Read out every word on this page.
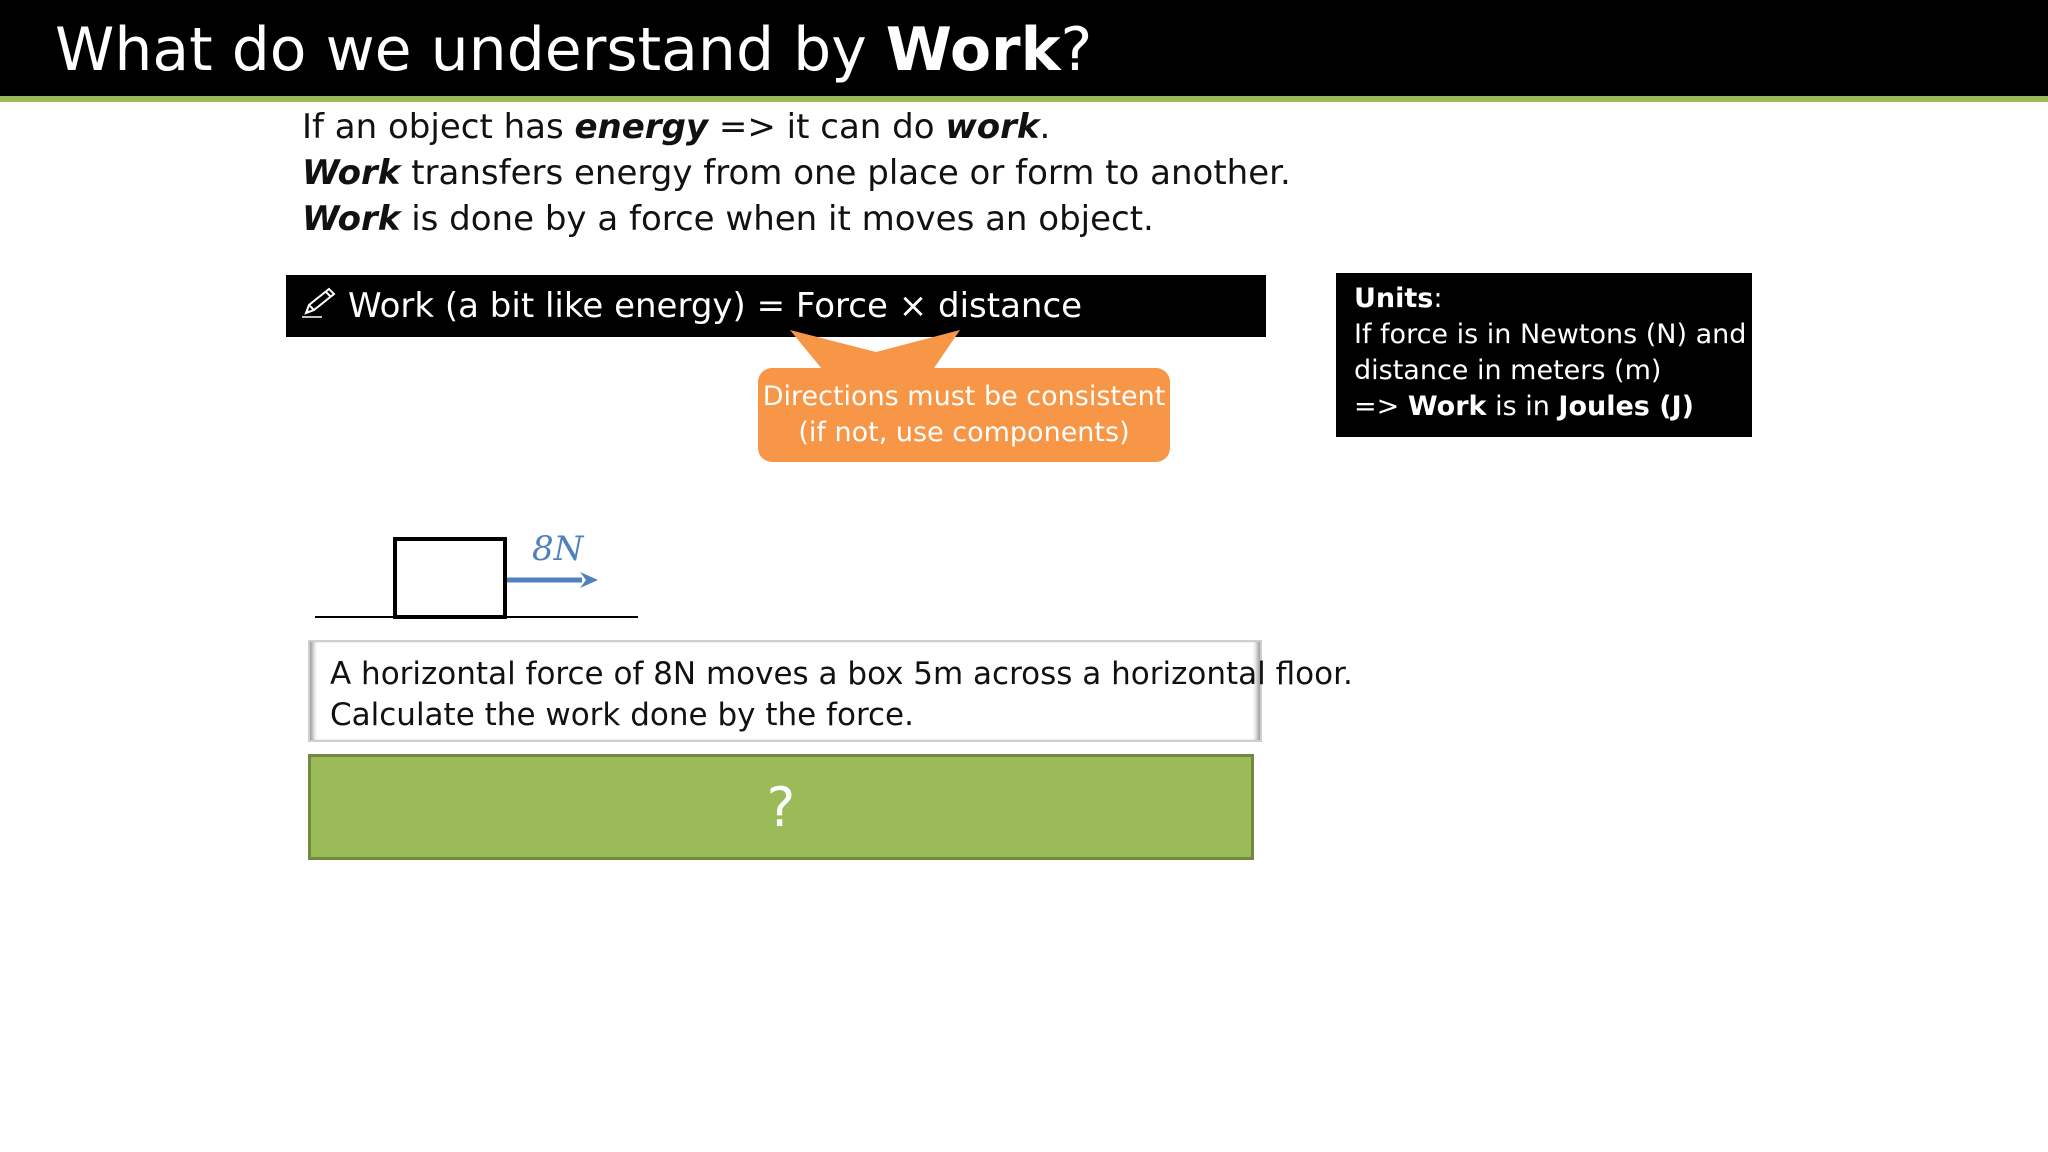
What do we understand by Work?
If an object has energy => it can do work.
Work transfers energy from one place or form to another.
Work is done by a force when it moves an object.
Work (a bit like energy) = Force × distance
Directions must be consistent
(if not, use components)
Units:
If force is in Newtons (N) and
distance in meters (m)
=> Work is in Joules (J)
8N
A horizontal force of 8N moves a box 5m across a horizontal floor.
Calculate the work done by the force.
?
